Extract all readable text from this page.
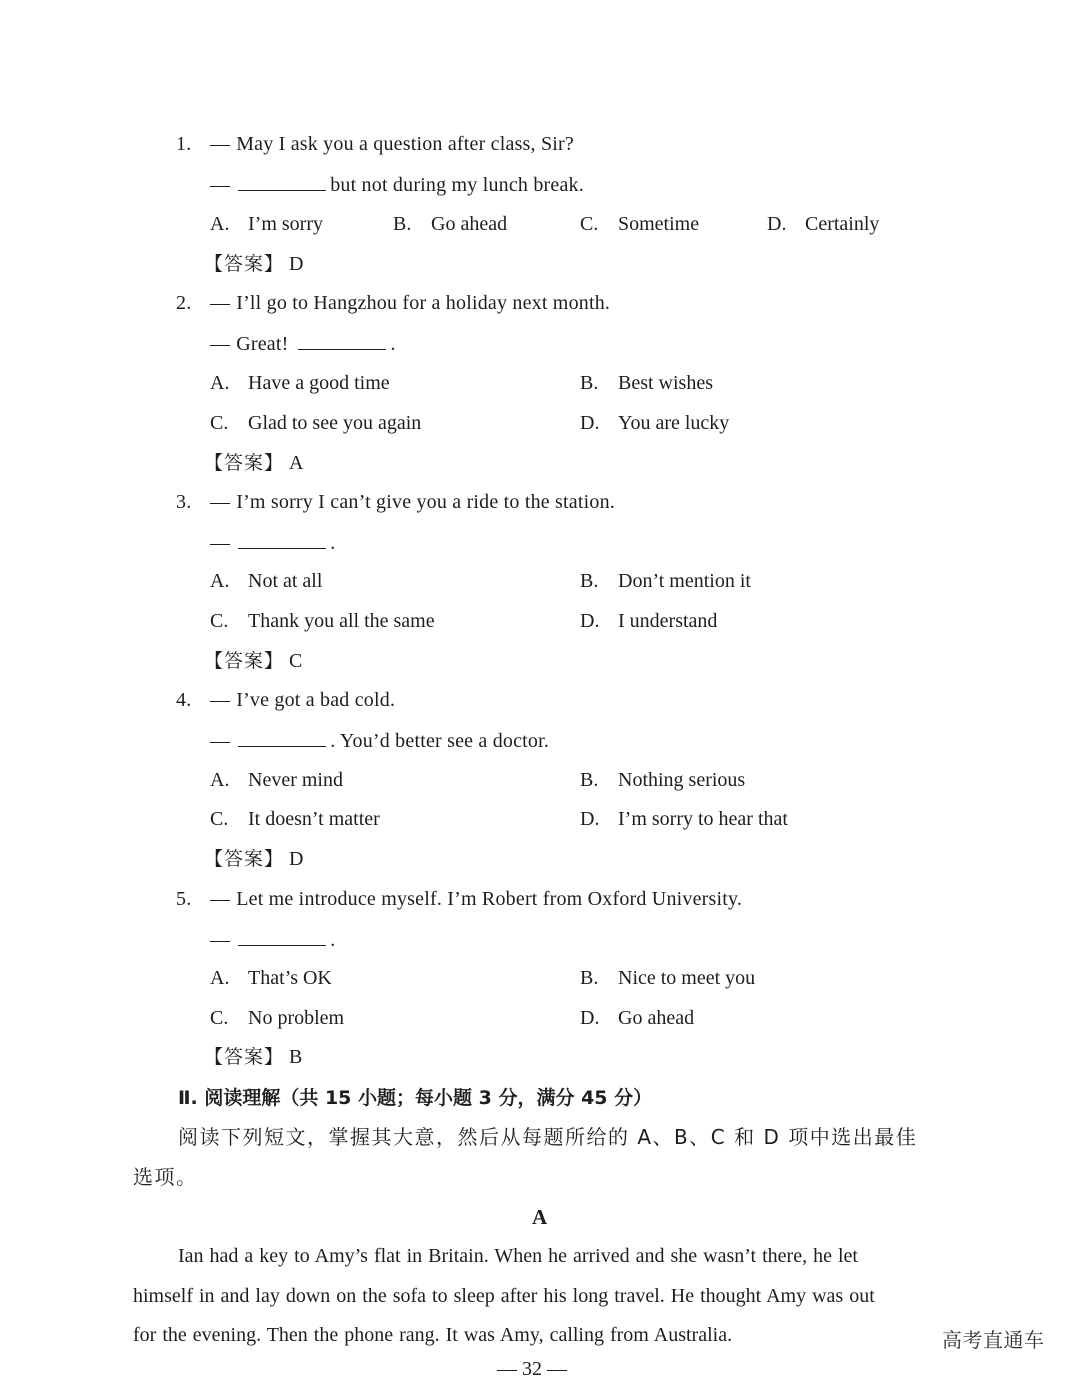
1. — May I ask you a question after class, Sir?
—	but not during my lunch break.
A. I’m sorry	B. Go ahead	C. Sometime	D. Certainly
【答案】 D
2. — I’ll go to Hangzhou for a holiday next month.
— Great!	.
A. Have a good time	B. Best wishes
C. Glad to see you again	D. You are lucky
【答案】 A
3. — I’m sorry I can’t give you a ride to the station.
—	.
A. Not at all	B. Don’t mention it
C. Thank you all the same	D. I understand
【答案】 C
4. — I’ve got a bad cold.
—	. You’d better see a doctor.
A. Never mind	B. Nothing serious
C. It doesn’t matter	D. I’m sorry to hear that
【答案】 D
5. — Let me introduce myself. I’m Robert from Oxford University.
—	.
A. That’s OK	B. Nice to meet you
C. No problem	D. Go ahead
【答案】 B
Ⅱ. 阅读理解（共 15 小题；每小题 3 分，满分 45 分）
阅读下列短文，掌握其大意，然后从每题所给的 A、B、C 和 D 项中选出最佳
选项。
A
Ian had a key to Amy’s flat in Britain. When he arrived and she wasn’t there, he let
himself in and lay down on the sofa to sleep after his long travel. He thought Amy was out
for the evening. Then the phone rang. It was Amy, calling from Australia.
— 32 —
高考直通车
